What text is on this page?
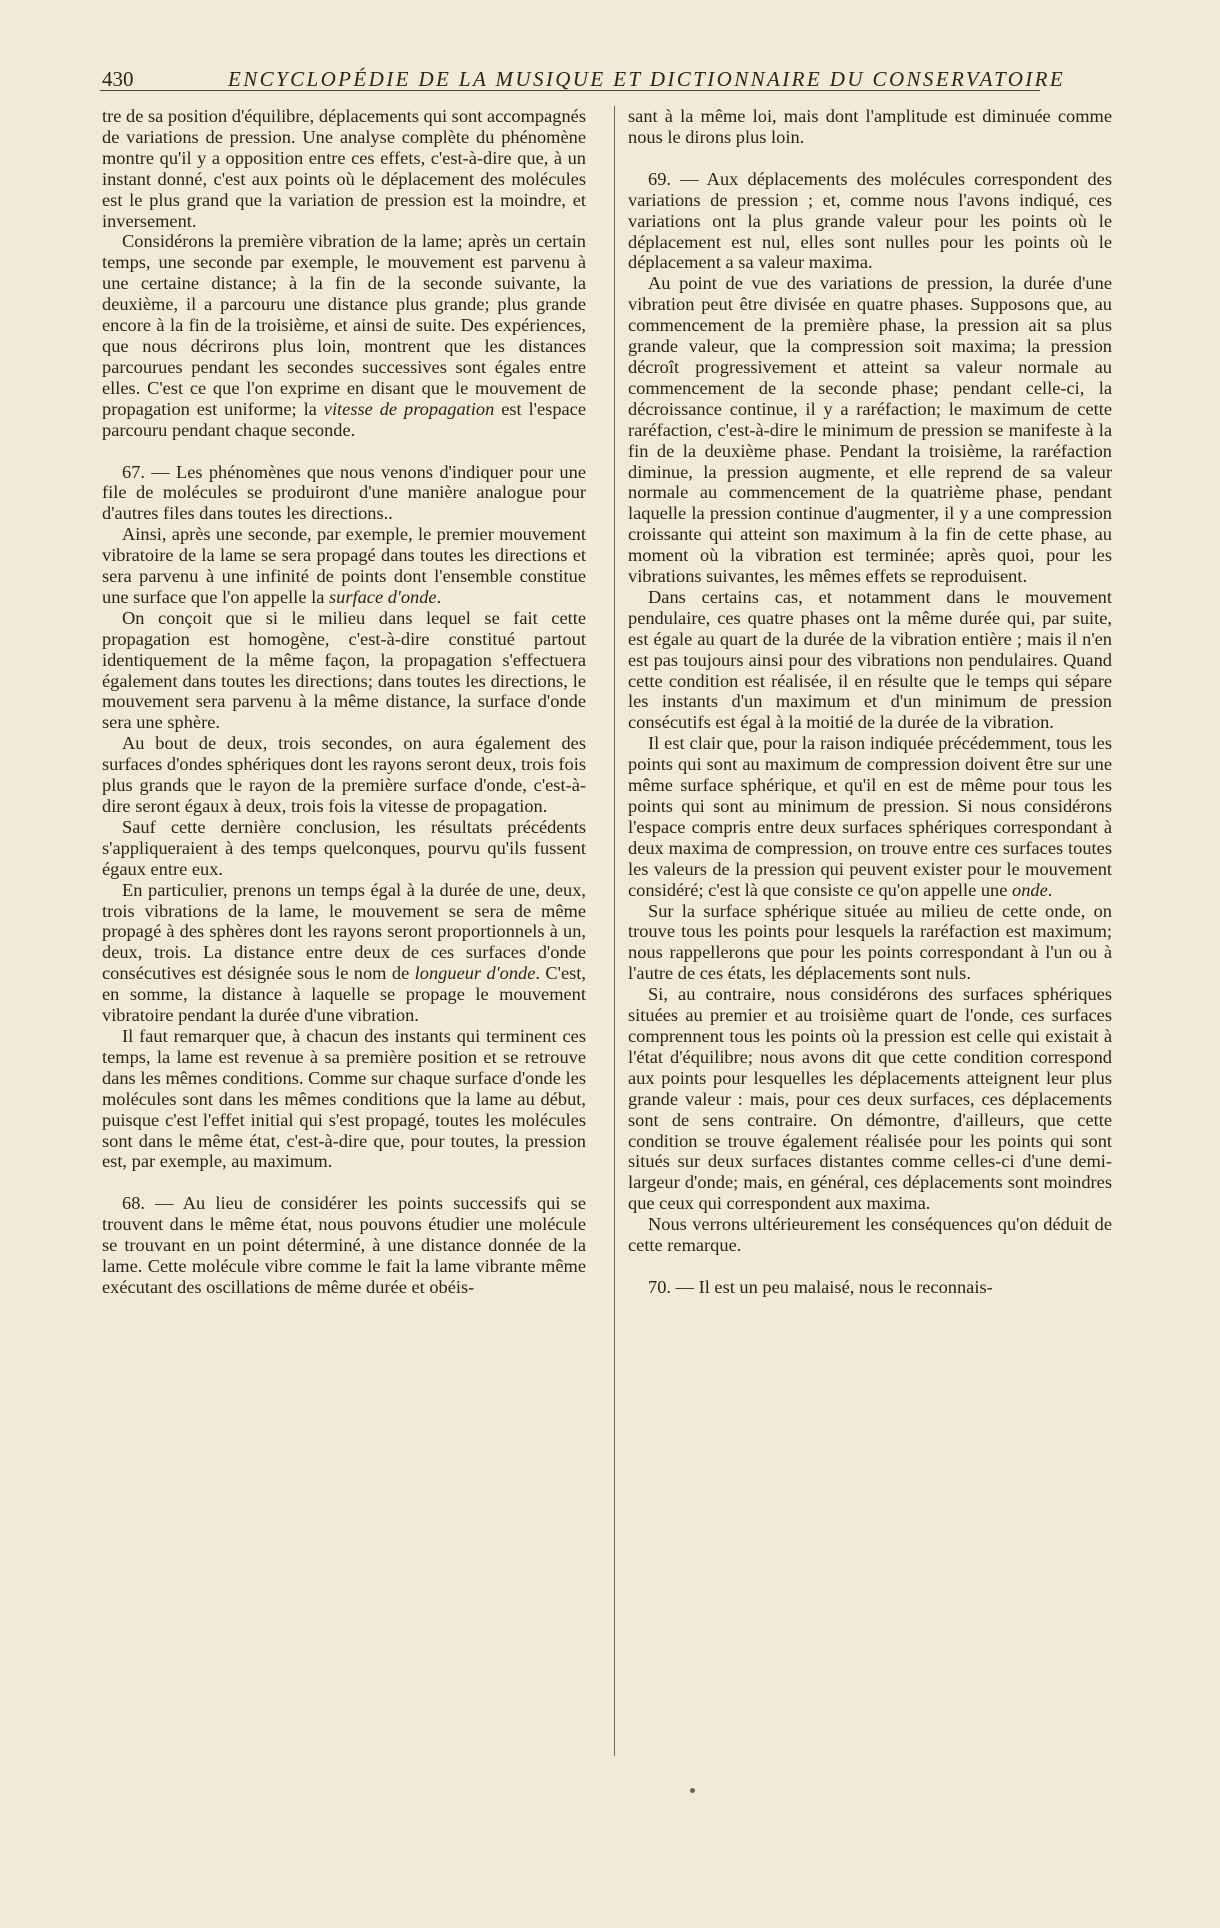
430	ENCYCLOPÉDIE DE LA MUSIQUE ET DICTIONNAIRE DU CONSERVATOIRE

tre de sa position d'équilibre, déplacements qui sont accompagnés de variations de pression. Une analyse complète du phénomène montre qu'il y a opposition entre ces effets, c'est-à-dire que, à un instant donné, c'est aux points où le déplacement des molécules est le plus grand que la variation de pression est la moindre, et inversement.

Considérons la première vibration de la lame; après un certain temps, une seconde par exemple, le mouvement est parvenu à une certaine distance; à la fin de la seconde suivante, la deuxième, il a parcouru une distance plus grande; plus grande encore à la fin de la troisième, et ainsi de suite. Des expériences, que nous décrirons plus loin, montrent que les distances parcourues pendant les secondes successives sont égales entre elles. C'est ce que l'on exprime en disant que le mouvement de propagation est uniforme; la vitesse de propagation est l'espace parcouru pendant chaque seconde.

67. — Les phénomènes que nous venons d'indiquer pour une file de molécules se produiront d'une manière analogue pour d'autres files dans toutes les directions..

Ainsi, après une seconde, par exemple, le premier mouvement vibratoire de la lame se sera propagé dans toutes les directions et sera parvenu à une infinité de points dont l'ensemble constitue une surface que l'on appelle la surface d'onde.

On conçoit que si le milieu dans lequel se fait cette propagation est homogène, c'est-à-dire constitué partout identiquement de la même façon, la propagation s'effectuera également dans toutes les directions; dans toutes les directions, le mouvement sera parvenu à la même distance, la surface d'onde sera une sphère.

Au bout de deux, trois secondes, on aura également des surfaces d'ondes sphériques dont les rayons seront deux, trois fois plus grands que le rayon de la première surface d'onde, c'est-à-dire seront égaux à deux, trois fois la vitesse de propagation.

Sauf cette dernière conclusion, les résultats précédents s'appliqueraient à des temps quelconques, pourvu qu'ils fussent égaux entre eux.

En particulier, prenons un temps égal à la durée de une, deux, trois vibrations de la lame, le mouvement se sera de même propagé à des sphères dont les rayons seront proportionnels à un, deux, trois. La distance entre deux de ces surfaces d'onde consécutives est désignée sous le nom de longueur d'onde. C'est, en somme, la distance à laquelle se propage le mouvement vibratoire pendant la durée d'une vibration.

Il faut remarquer que, à chacun des instants qui terminent ces temps, la lame est revenue à sa première position et se retrouve dans les mêmes conditions. Comme sur chaque surface d'onde les molécules sont dans les mêmes conditions que la lame au début, puisque c'est l'effet initial qui s'est propagé, toutes les molécules sont dans le même état, c'est-à-dire que, pour toutes, la pression est, par exemple, au maximum.

68. — Au lieu de considérer les points successifs qui se trouvent dans le même état, nous pouvons étudier une molécule se trouvant en un point déterminé, à une distance donnée de la lame. Cette molécule vibre comme le fait la lame vibrante même exécutant des oscillations de même durée et obéis-

sant à la même loi, mais dont l'amplitude est diminuée comme nous le dirons plus loin.

69. — Aux déplacements des molécules correspondent des variations de pression ; et, comme nous l'avons indiqué, ces variations ont la plus grande valeur pour les points où le déplacement est nul, elles sont nulles pour les points où le déplacement a sa valeur maxima.

Au point de vue des variations de pression, la durée d'une vibration peut être divisée en quatre phases. Supposons que, au commencement de la première phase, la pression ait sa plus grande valeur, que la compression soit maxima; la pression décroît progressivement et atteint sa valeur normale au commencement de la seconde phase; pendant celle-ci, la décroissance continue, il y a raréfaction; le maximum de cette raréfaction, c'est-à-dire le minimum de pression se manifeste à la fin de la deuxième phase. Pendant la troisième, la raréfaction diminue, la pression augmente, et elle reprend de sa valeur normale au commencement de la quatrième phase, pendant laquelle la pression continue d'augmenter, il y a une compression croissante qui atteint son maximum à la fin de cette phase, au moment où la vibration est terminée; après quoi, pour les vibrations suivantes, les mêmes effets se reproduisent.

Dans certains cas, et notamment dans le mouvement pendulaire, ces quatre phases ont la même durée qui, par suite, est égale au quart de la durée de la vibration entière ; mais il n'en est pas toujours ainsi pour des vibrations non pendulaires. Quand cette condition est réalisée, il en résulte que le temps qui sépare les instants d'un maximum et d'un minimum de pression consécutifs est égal à la moitié de la durée de la vibration.

Il est clair que, pour la raison indiquée précédemment, tous les points qui sont au maximum de compression doivent être sur une même surface sphérique, et qu'il en est de même pour tous les points qui sont au minimum de pression. Si nous considérons l'espace compris entre deux surfaces sphériques correspondant à deux maxima de compression, on trouve entre ces surfaces toutes les valeurs de la pression qui peuvent exister pour le mouvement considéré; c'est là que consiste ce qu'on appelle une onde.

Sur la surface sphérique située au milieu de cette onde, on trouve tous les points pour lesquels la raréfaction est maximum; nous rappellerons que pour les points correspondant à l'un ou à l'autre de ces états, les déplacements sont nuls.

Si, au contraire, nous considérons des surfaces sphériques situées au premier et au troisième quart de l'onde, ces surfaces comprennent tous les points où la pression est celle qui existait à l'état d'équilibre; nous avons dit que cette condition correspond aux points pour lesquelles les déplacements atteignent leur plus grande valeur : mais, pour ces deux surfaces, ces déplacements sont de sens contraire. On démontre, d'ailleurs, que cette condition se trouve également réalisée pour les points qui sont situés sur deux surfaces distantes comme celles-ci d'une demi-largeur d'onde; mais, en général, ces déplacements sont moindres que ceux qui correspondent aux maxima.

Nous verrons ultérieurement les conséquences qu'on déduit de cette remarque.

70. — Il est un peu malaisé, nous le reconnais-
